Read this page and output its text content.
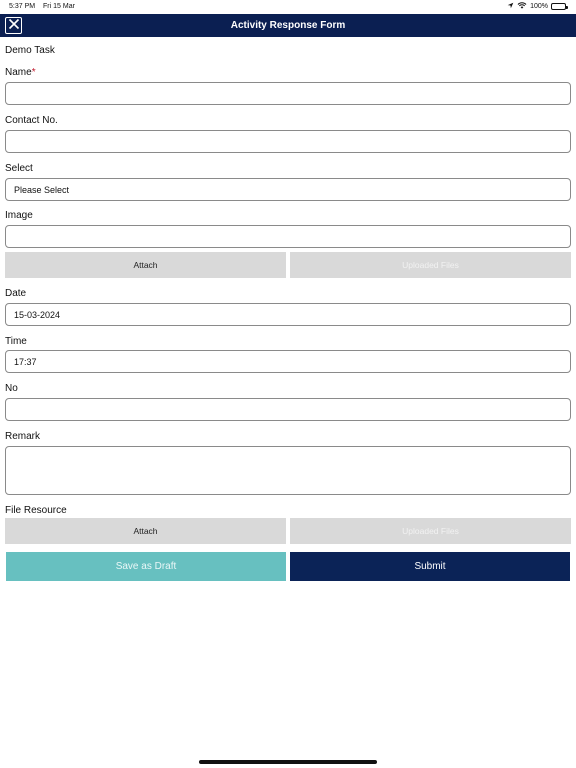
5:37 PM Fri 15 Mar	100%
Activity Response Form
Demo Task
Name*
Contact No.
Select
Please Select
Image
Attach	Uploaded Files
Date
15-03-2024
Time
17:37
No
Remark
File Resource
Attach	Uploaded Files
Save as Draft	Submit
